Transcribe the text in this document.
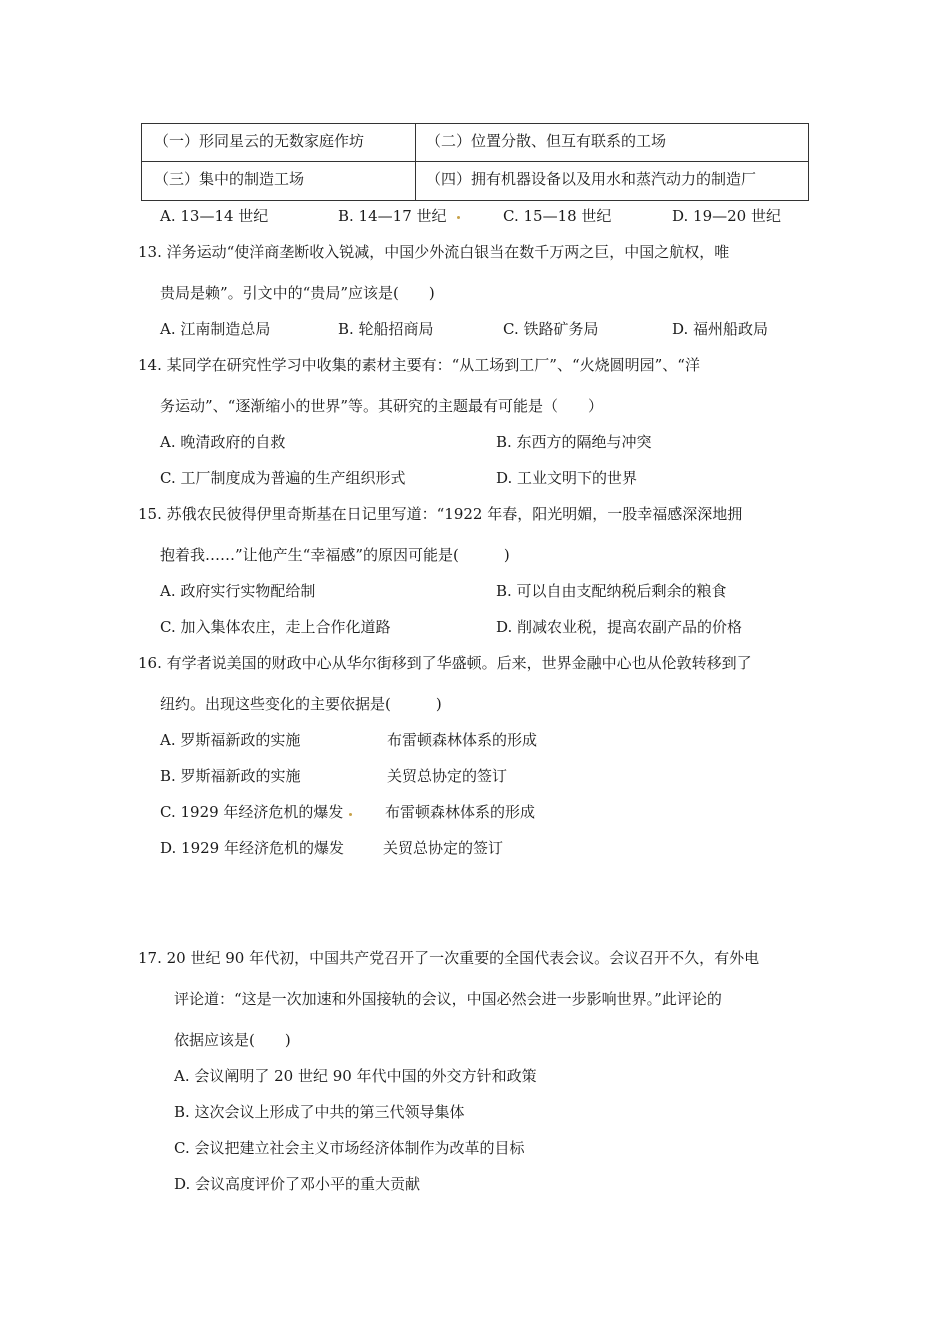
（一）形同星云的无数家庭作坊	（二）位置分散、但互有联系的工场
（三）集中的制造工场	（四）拥有机器设备以及用水和蒸汽动力的制造厂
A. 13—14 世纪	B. 14—17 世纪	C. 15—18 世纪	D. 19—20 世纪
13. 洋务运动“使洋商垄断收入锐减，中国少外流白银当在数千万两之巨，中国之航权，唯
贵局是赖”。引文中的“贵局”应该是(　　)
A. 江南制造总局	B. 轮船招商局	C. 铁路矿务局	D. 福州船政局
14. 某同学在研究性学习中收集的素材主要有：“从工场到工厂”、“火烧圆明园”、“洋
务运动”、“逐渐缩小的世界”等。其研究的主题最有可能是（　　）
A. 晚清政府的自救	B. 东西方的隔绝与冲突
C. 工厂制度成为普遍的生产组织形式	D. 工业文明下的世界
15. 苏俄农民彼得伊里奇斯基在日记里写道：“1922 年春，阳光明媚，一股幸福感深深地拥
抱着我……”让他产生“幸福感”的原因可能是(　　　)
A. 政府实行实物配给制	B. 可以自由支配纳税后剩余的粮食
C. 加入集体农庄，走上合作化道路	D. 削减农业税，提高农副产品的价格
16. 有学者说美国的财政中心从华尔街移到了华盛顿。后来，世界金融中心也从伦敦转移到了
纽约。出现这些变化的主要依据是(　　　)
A. 罗斯福新政的实施	布雷顿森林体系的形成
B. 罗斯福新政的实施	关贸总协定的签订
C. 1929 年经济危机的爆发	布雷顿森林体系的形成
D. 1929 年经济危机的爆发	关贸总协定的签订
17. 20 世纪 90 年代初，中国共产党召开了一次重要的全国代表会议。会议召开不久，有外电
评论道：“这是一次加速和外国接轨的会议，中国必然会进一步影响世界。”此评论的
依据应该是(　　)
A. 会议阐明了 20 世纪 90 年代中国的外交方针和政策
B. 这次会议上形成了中共的第三代领导集体
C. 会议把建立社会主义市场经济体制作为改革的目标
D. 会议高度评价了邓小平的重大贡献
